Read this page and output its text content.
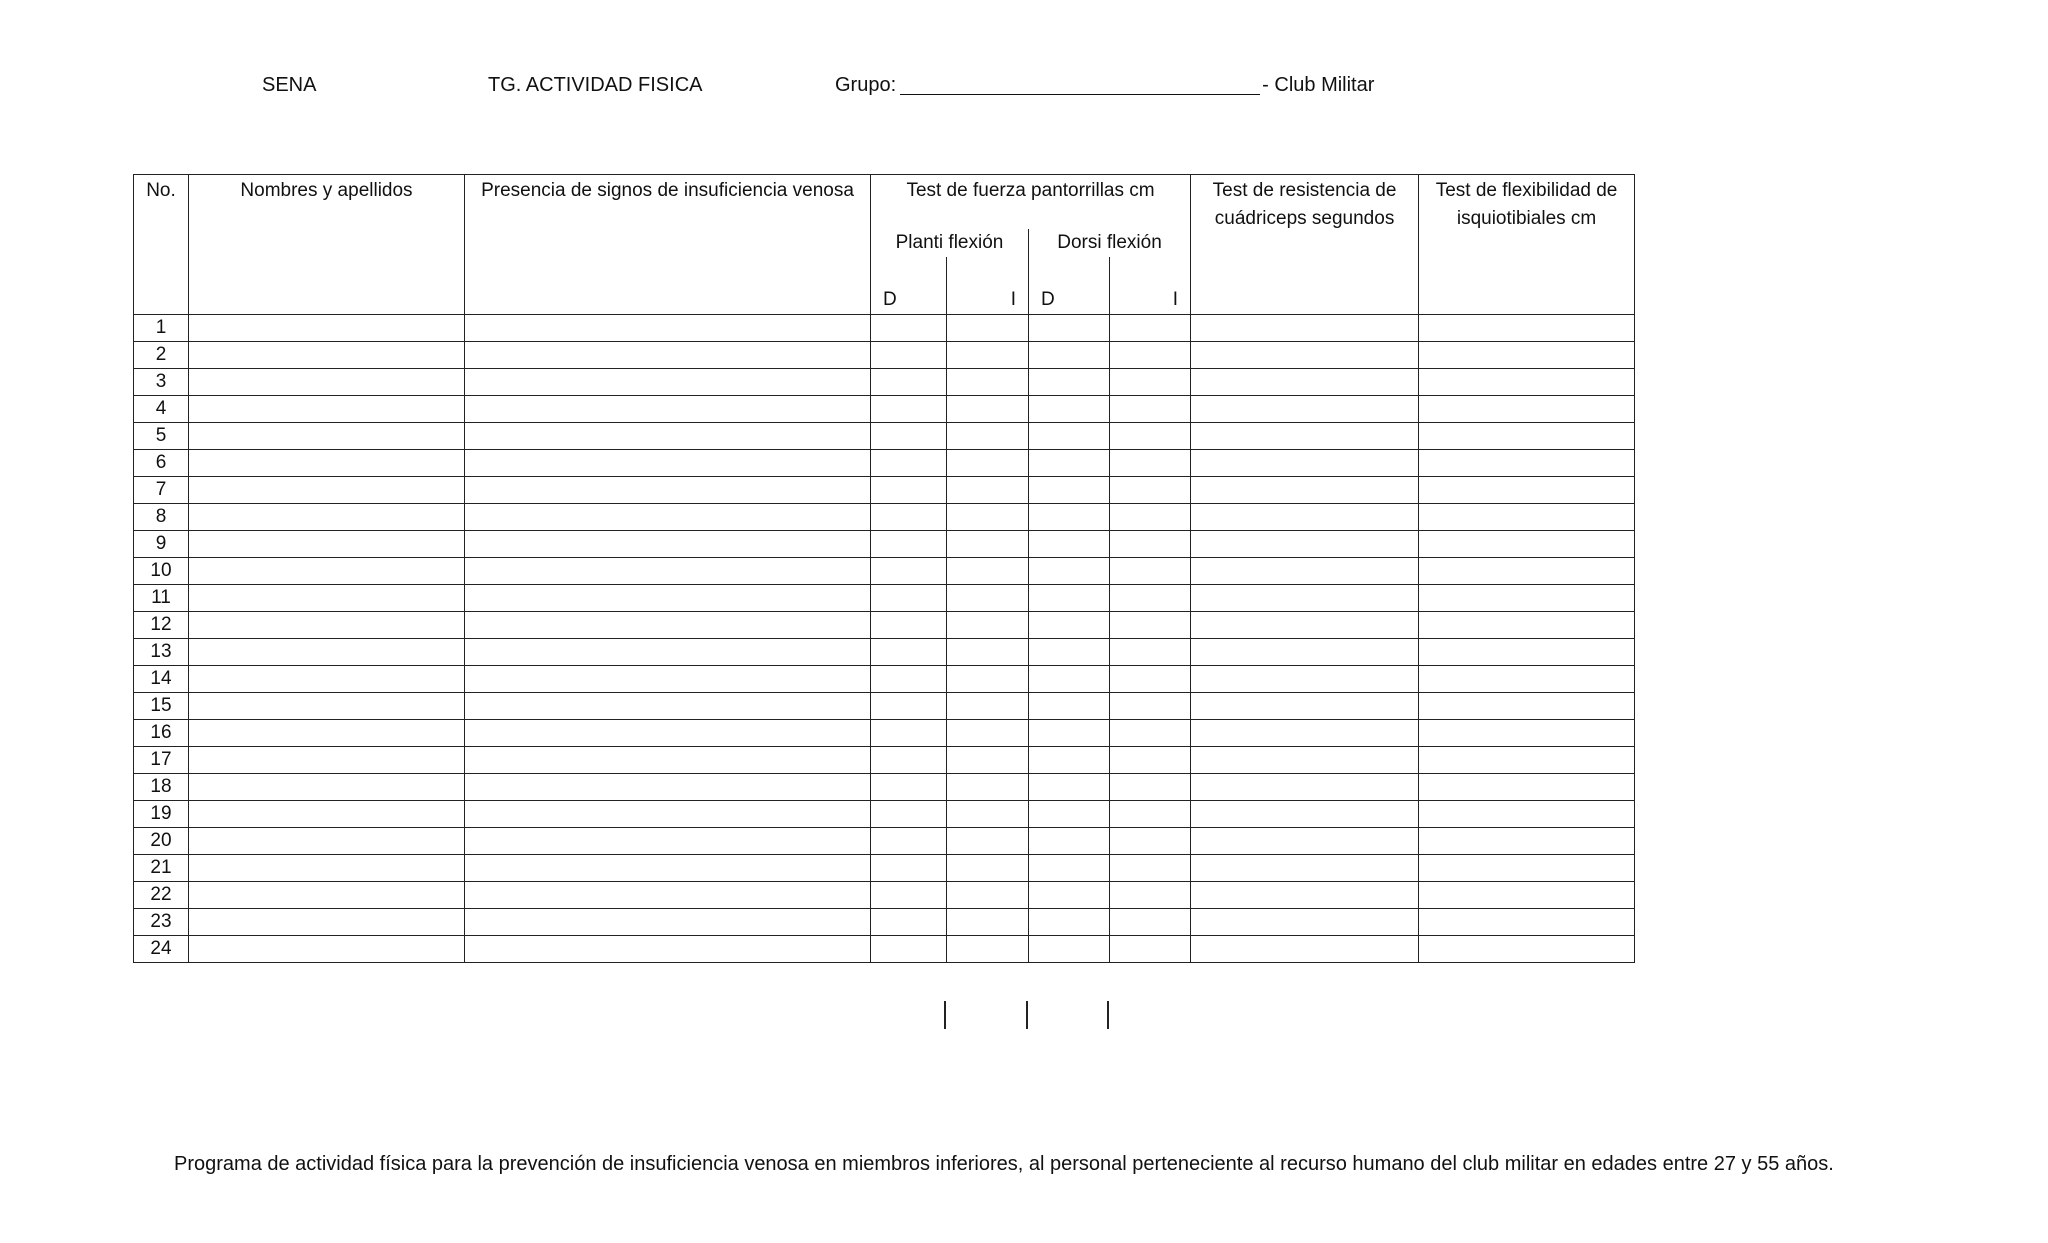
SENA	TG. ACTIVIDAD FISICA	Grupo:	- Club Militar
No.	Nombres y apellidos	Presencia de signos de insuficiencia venosa	Test de fuerza pantorrillas cm				Test de resistencia de cuádriceps segundos	Test de flexibilidad de isquiotibiales cm
			Planti flexión		Dorsi flexión			
			D	I	D	I		
1								
2								
3								
4								
5								
6								
7								
8								
9								
10								
11								
12								
13								
14								
15								
16								
17								
18								
19								
20								
21								
22								
23								
24								
Programa de actividad física para la prevención de insuficiencia venosa en miembros inferiores, al personal perteneciente al recurso humano del club militar en edades entre 27 y 55 años.
